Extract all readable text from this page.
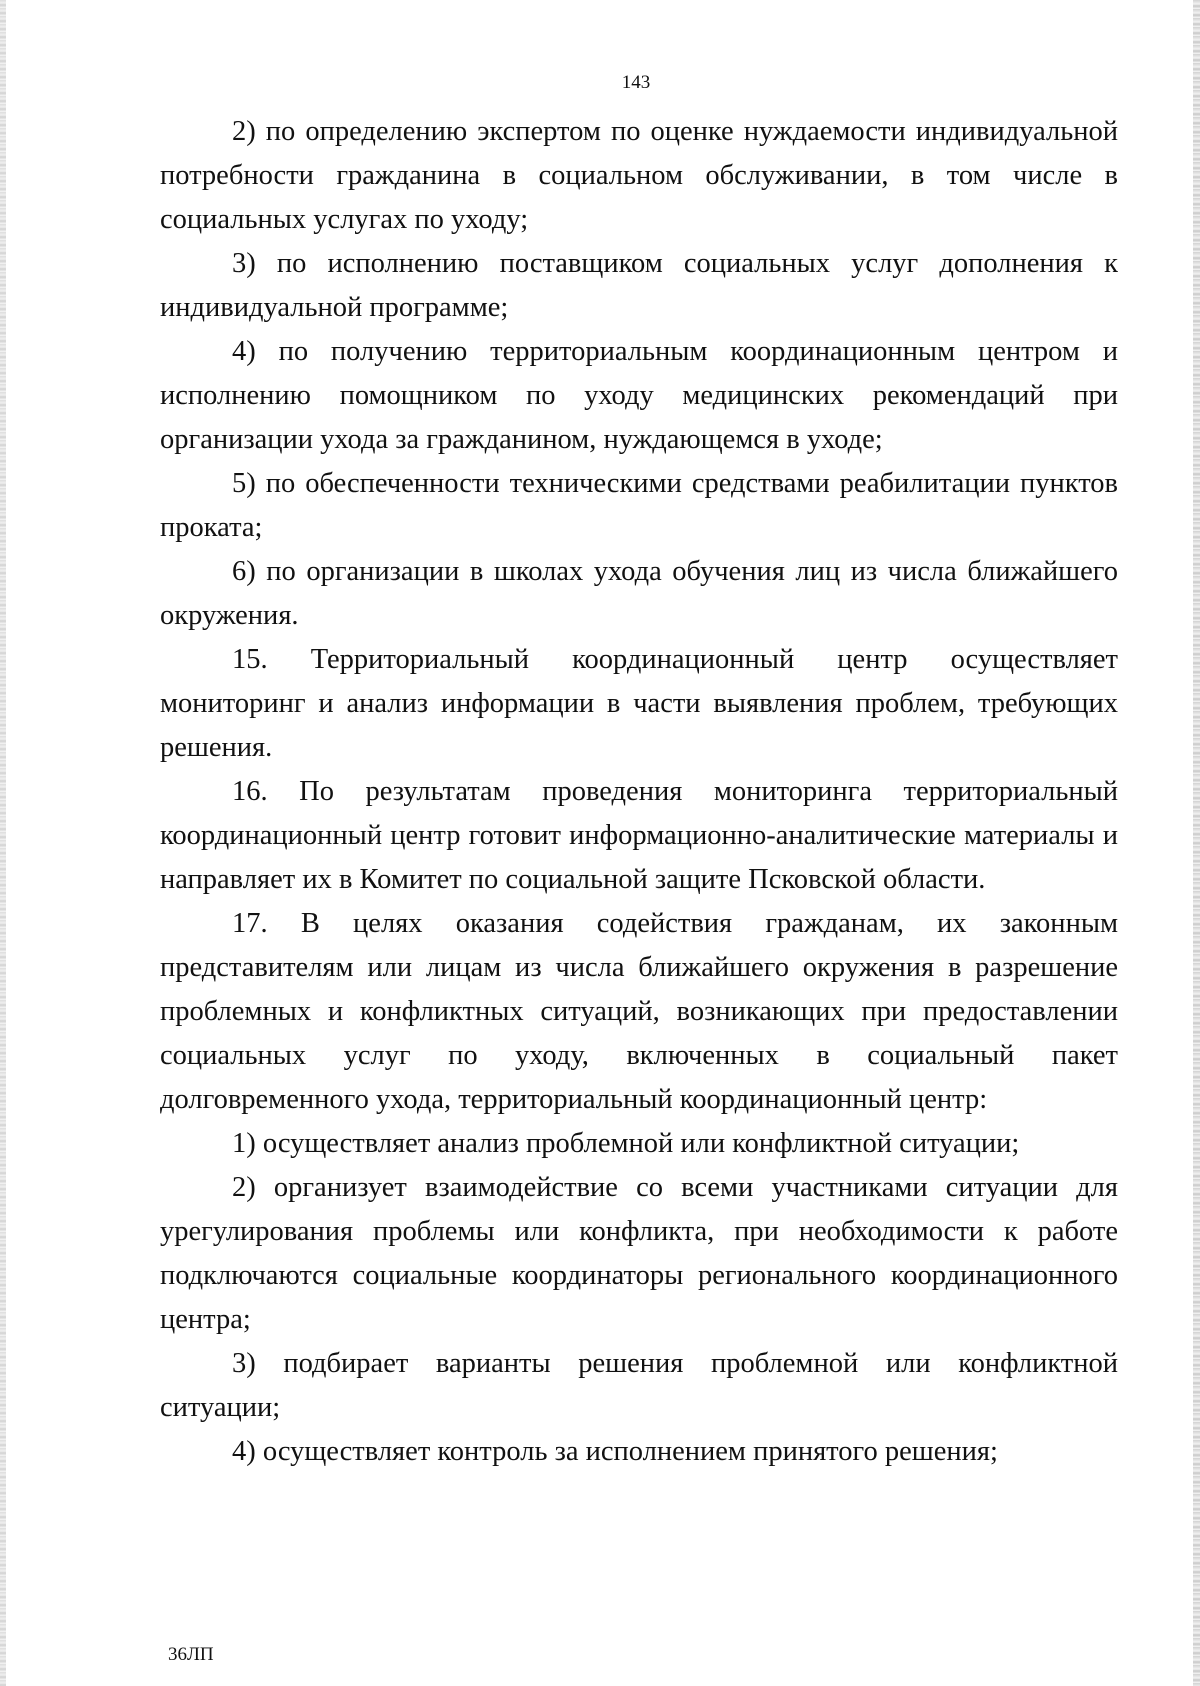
143

2) по определению экспертом по оценке нуждаемости индивидуальной потребности гражданина в социальном обслуживании, в том числе в социальных услугах по уходу;

3) по исполнению поставщиком социальных услуг дополнения к индивидуальной программе;

4) по получению территориальным координационным центром и исполнению помощником по уходу медицинских рекомендаций при организации ухода за гражданином, нуждающемся в уходе;

5) по обеспеченности техническими средствами реабилитации пунктов проката;

6) по организации в школах ухода обучения лиц из числа ближайшего окружения.

15. Территориальный координационный центр осуществляет мониторинг и анализ информации в части выявления проблем, требующих решения.

16. По результатам проведения мониторинга территориальный координационный центр готовит информационно-аналитические материалы и направляет их в Комитет по социальной защите Псковской области.

17. В целях оказания содействия гражданам, их законным представителям или лицам из числа ближайшего окружения в разрешение проблемных и конфликтных ситуаций, возникающих при предоставлении социальных услуг по уходу, включенных в социальный пакет долговременного ухода, территориальный координационный центр:

1) осуществляет анализ проблемной или конфликтной ситуации;

2) организует взаимодействие со всеми участниками ситуации для урегулирования проблемы или конфликта, при необходимости к работе подключаются социальные координаторы регионального координационного центра;

3) подбирает варианты решения проблемной или конфликтной ситуации;

4) осуществляет контроль за исполнением принятого решения;

36ЛП
